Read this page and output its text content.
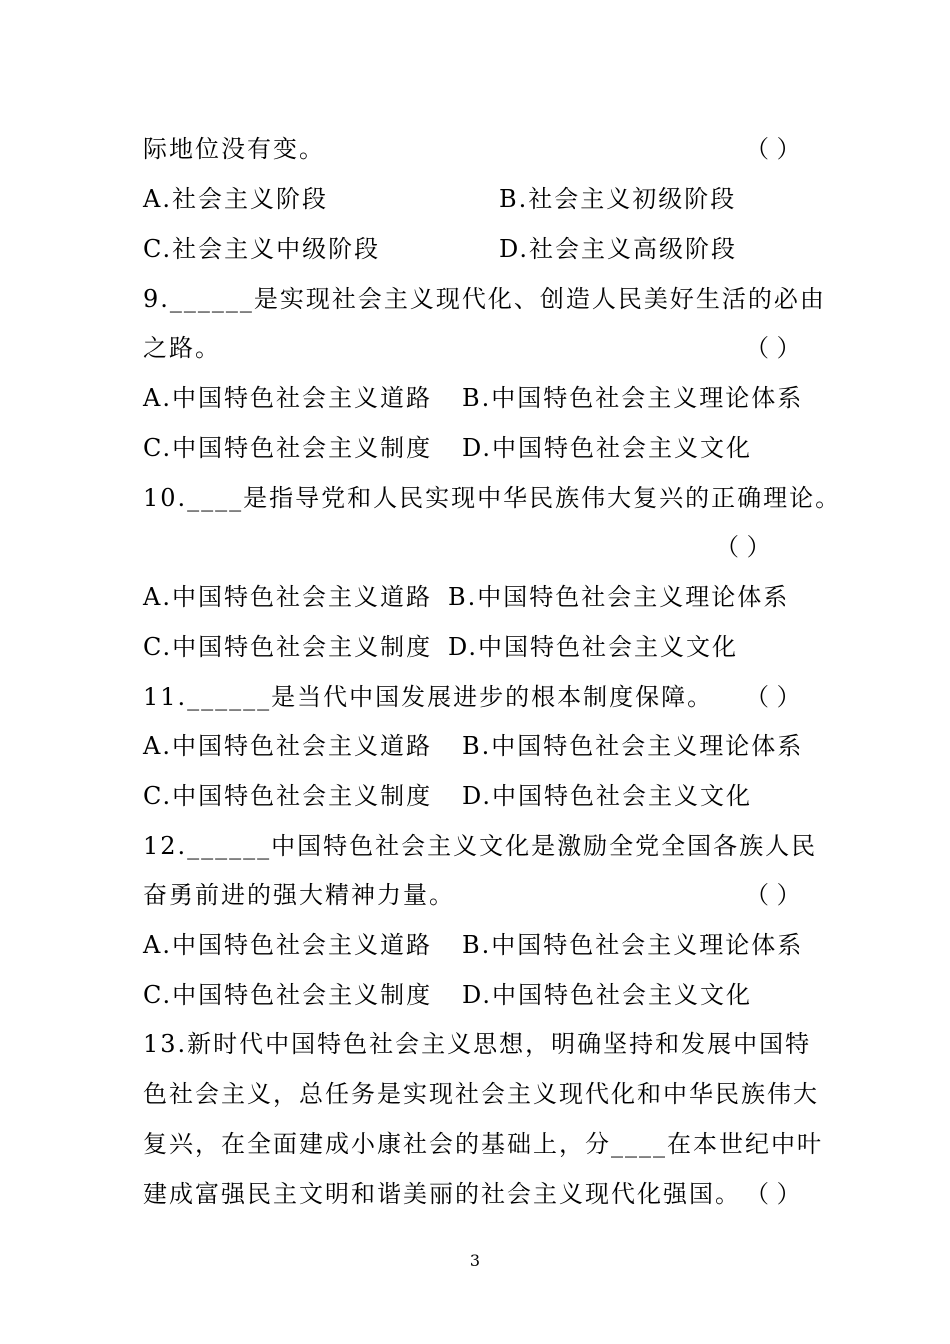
际地位没有变。	（ ）
A.社会主义阶段	B.社会主义初级阶段
C.社会主义中级阶段	D.社会主义高级阶段
9.______是实现社会主义现代化、创造人民美好生活的必由
之路。	（ ）
A.中国特色社会主义道路 B.中国特色社会主义理论体系
C.中国特色社会主义制度 D.中国特色社会主义文化
10.____是指导党和人民实现中华民族伟大复兴的正确理论。
（ ）
A.中国特色社会主义道路 B.中国特色社会主义理论体系
C.中国特色社会主义制度 D.中国特色社会主义文化
11.______是当代中国发展进步的根本制度保障。 （ ）
A.中国特色社会主义道路 B.中国特色社会主义理论体系
C.中国特色社会主义制度 D.中国特色社会主义文化
12.______中国特色社会主义文化是激励全党全国各族人民
奋勇前进的强大精神力量。	（ ）
A.中国特色社会主义道路 B.中国特色社会主义理论体系
C.中国特色社会主义制度 D.中国特色社会主义文化
13.新时代中国特色社会主义思想，明确坚持和发展中国特
色社会主义，总任务是实现社会主义现代化和中华民族伟大
复兴，在全面建成小康社会的基础上，分____在本世纪中叶
建成富强民主文明和谐美丽的社会主义现代化强国。 （ ）
3
